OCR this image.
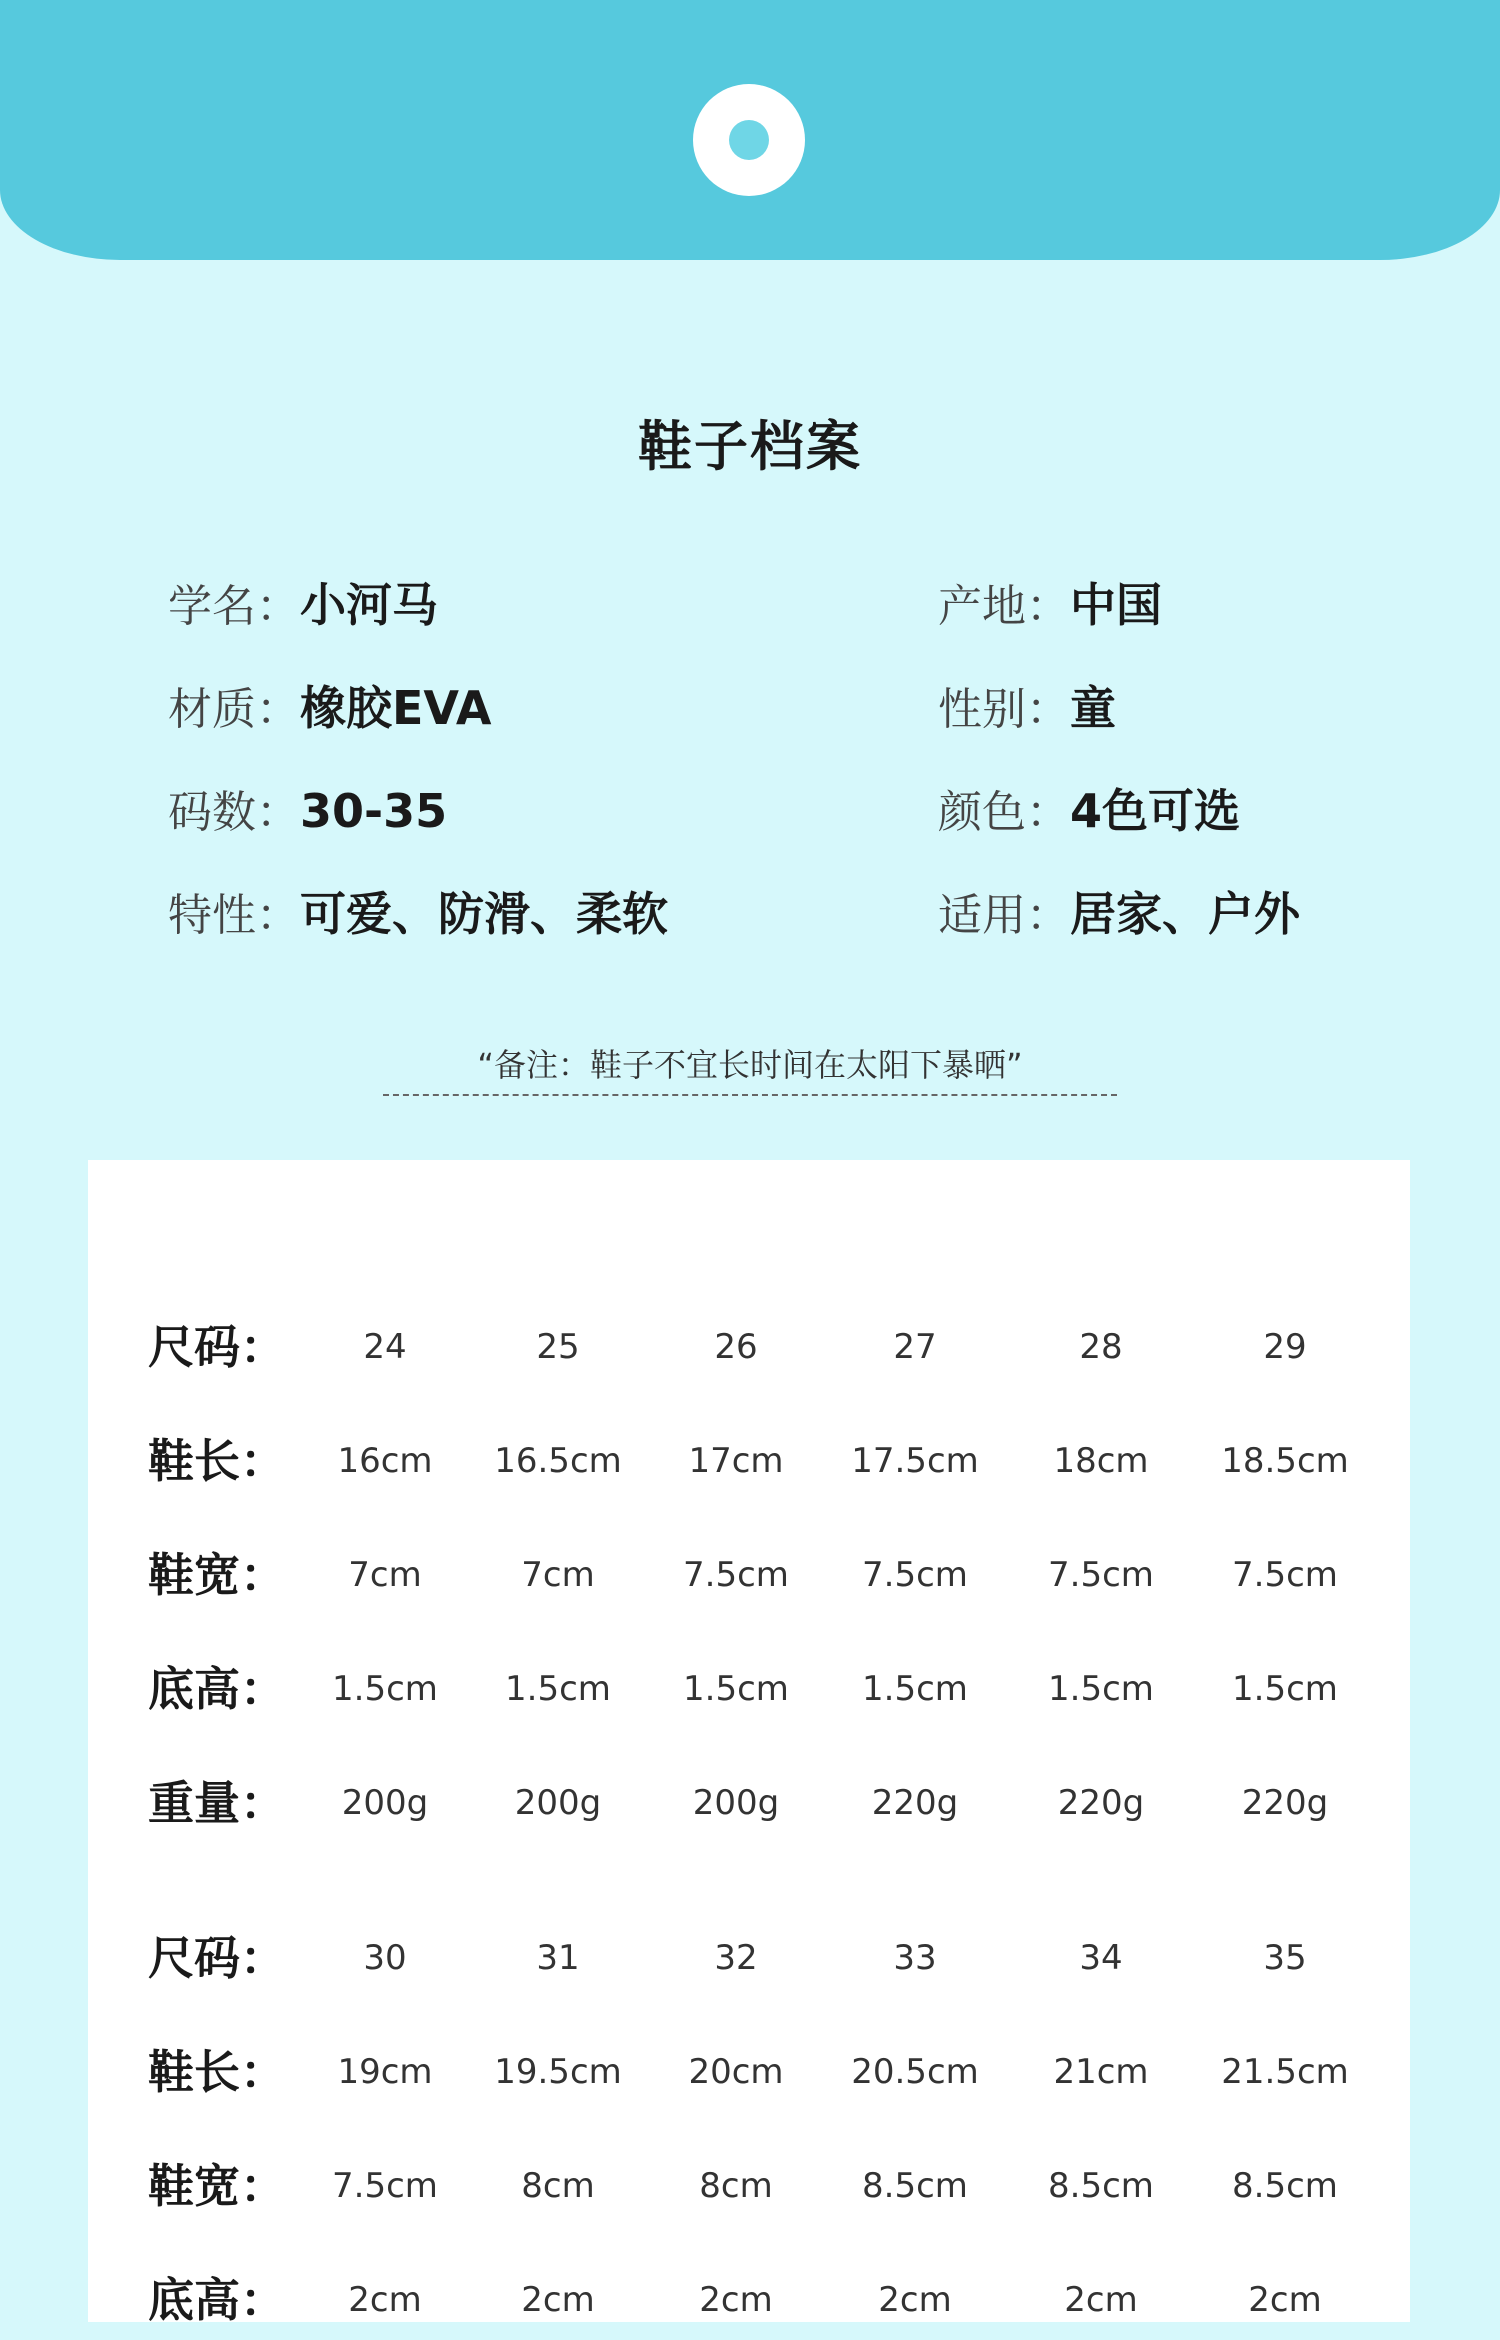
鞋子档案
学名：小河马
材质：橡胶EVA
码数：30-35
特性：可爱、防滑、柔软
产地：中国
性别：童
颜色：4色可选
适用：居家、户外
“备注：鞋子不宜长时间在太阳下暴晒”
尺码：	24	25	26	27	28	29
鞋长：	16cm	16.5cm	17cm	17.5cm	18cm	18.5cm
鞋宽：	7cm	7cm	7.5cm	7.5cm	7.5cm	7.5cm
底高：	1.5cm	1.5cm	1.5cm	1.5cm	1.5cm	1.5cm
重量：	200g	200g	200g	220g	220g	220g
尺码：	30	31	32	33	34	35
鞋长：	19cm	19.5cm	20cm	20.5cm	21cm	21.5cm
鞋宽：	7.5cm	8cm	8cm	8.5cm	8.5cm	8.5cm
底高：	2cm	2cm	2cm	2cm	2cm	2cm
